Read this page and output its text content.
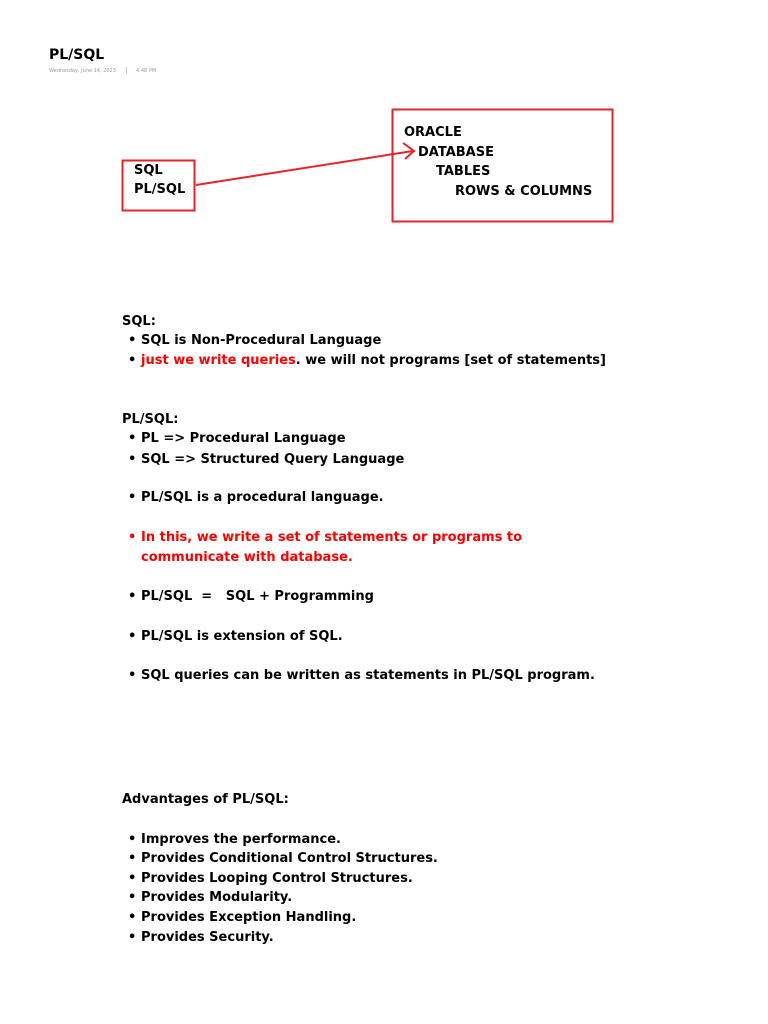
PL/SQL
Wednesday, June 14, 2023	4:48 PM
SQL
PL/SQL
ORACLE
DATABASE
TABLES
ROWS & COLUMNS
SQL:
• SQL is Non-Procedural Language
• just we write queries. we will not programs [set of statements]
PL/SQL:
• PL => Procedural Language
• SQL => Structured Query Language
• PL/SQL is a procedural language.
• In this, we write a set of statements or programs to
communicate with database.
• PL/SQL  =   SQL + Programming
• PL/SQL is extension of SQL.
• SQL queries can be written as statements in PL/SQL program.
Advantages of PL/SQL:
• Improves the performance.
• Provides Conditional Control Structures.
• Provides Looping Control Structures.
• Provides Modularity.
• Provides Exception Handling.
• Provides Security.
